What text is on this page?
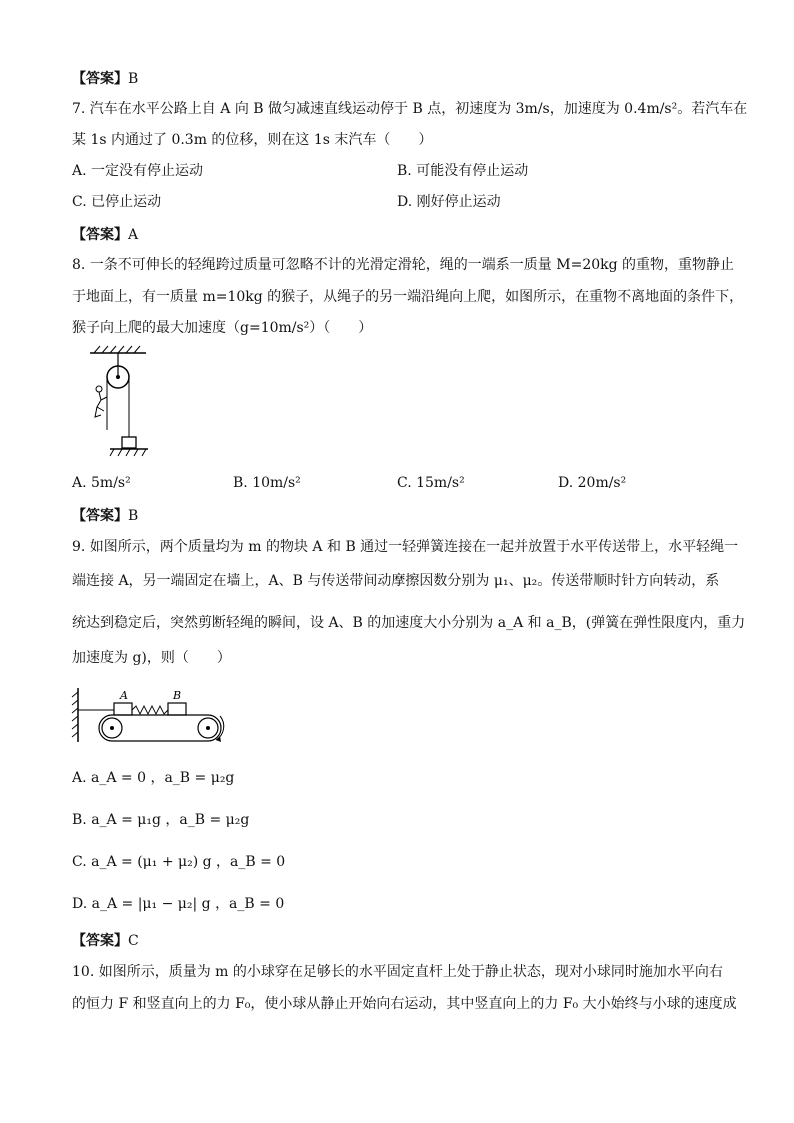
【答案】B
7. 汽车在水平公路上自 A 向 B 做匀减速直线运动停于 B 点，初速度为 3m/s，加速度为 0.4m/s²。若汽车在
某 1s 内通过了 0.3m 的位移，则在这 1s 末汽车（　　）
A. 一定没有停止运动	B. 可能没有停止运动
C. 已停止运动	D. 刚好停止运动
【答案】A
8. 一条不可伸长的轻绳跨过质量可忽略不计的光滑定滑轮，绳的一端系一质量 M=20kg 的重物，重物静止
于地面上，有一质量 m=10kg 的猴子，从绳子的另一端沿绳向上爬，如图所示，在重物不离地面的条件下，
猴子向上爬的最大加速度（g=10m/s²）（　　）
A. 5m/s²	B. 10m/s²	C. 15m/s²	D. 20m/s²
【答案】B
9. 如图所示，两个质量均为 m 的物块 A 和 B 通过一轻弹簧连接在一起并放置于水平传送带上，水平轻绳一
端连接 A，另一端固定在墙上，A、B 与传送带间动摩擦因数分别为 μ₁、μ₂。传送带顺时针方向转动，系
统达到稳定后，突然剪断轻绳的瞬间，设 A、B 的加速度大小分别为 a_A 和 a_B，(弹簧在弹性限度内，重力
加速度为 g)，则（　　）
A	B
A. a_A = 0 ，a_B = μ₂g
B. a_A = μ₁g ，a_B = μ₂g
C. a_A = (μ₁ + μ₂) g ，a_B = 0
D. a_A = |μ₁ − μ₂| g ，a_B = 0
【答案】C
10. 如图所示，质量为 m 的小球穿在足够长的水平固定直杆上处于静止状态，现对小球同时施加水平向右
的恒力 F 和竖直向上的力 F₀，使小球从静止开始向右运动，其中竖直向上的力 F₀ 大小始终与小球的速度成
